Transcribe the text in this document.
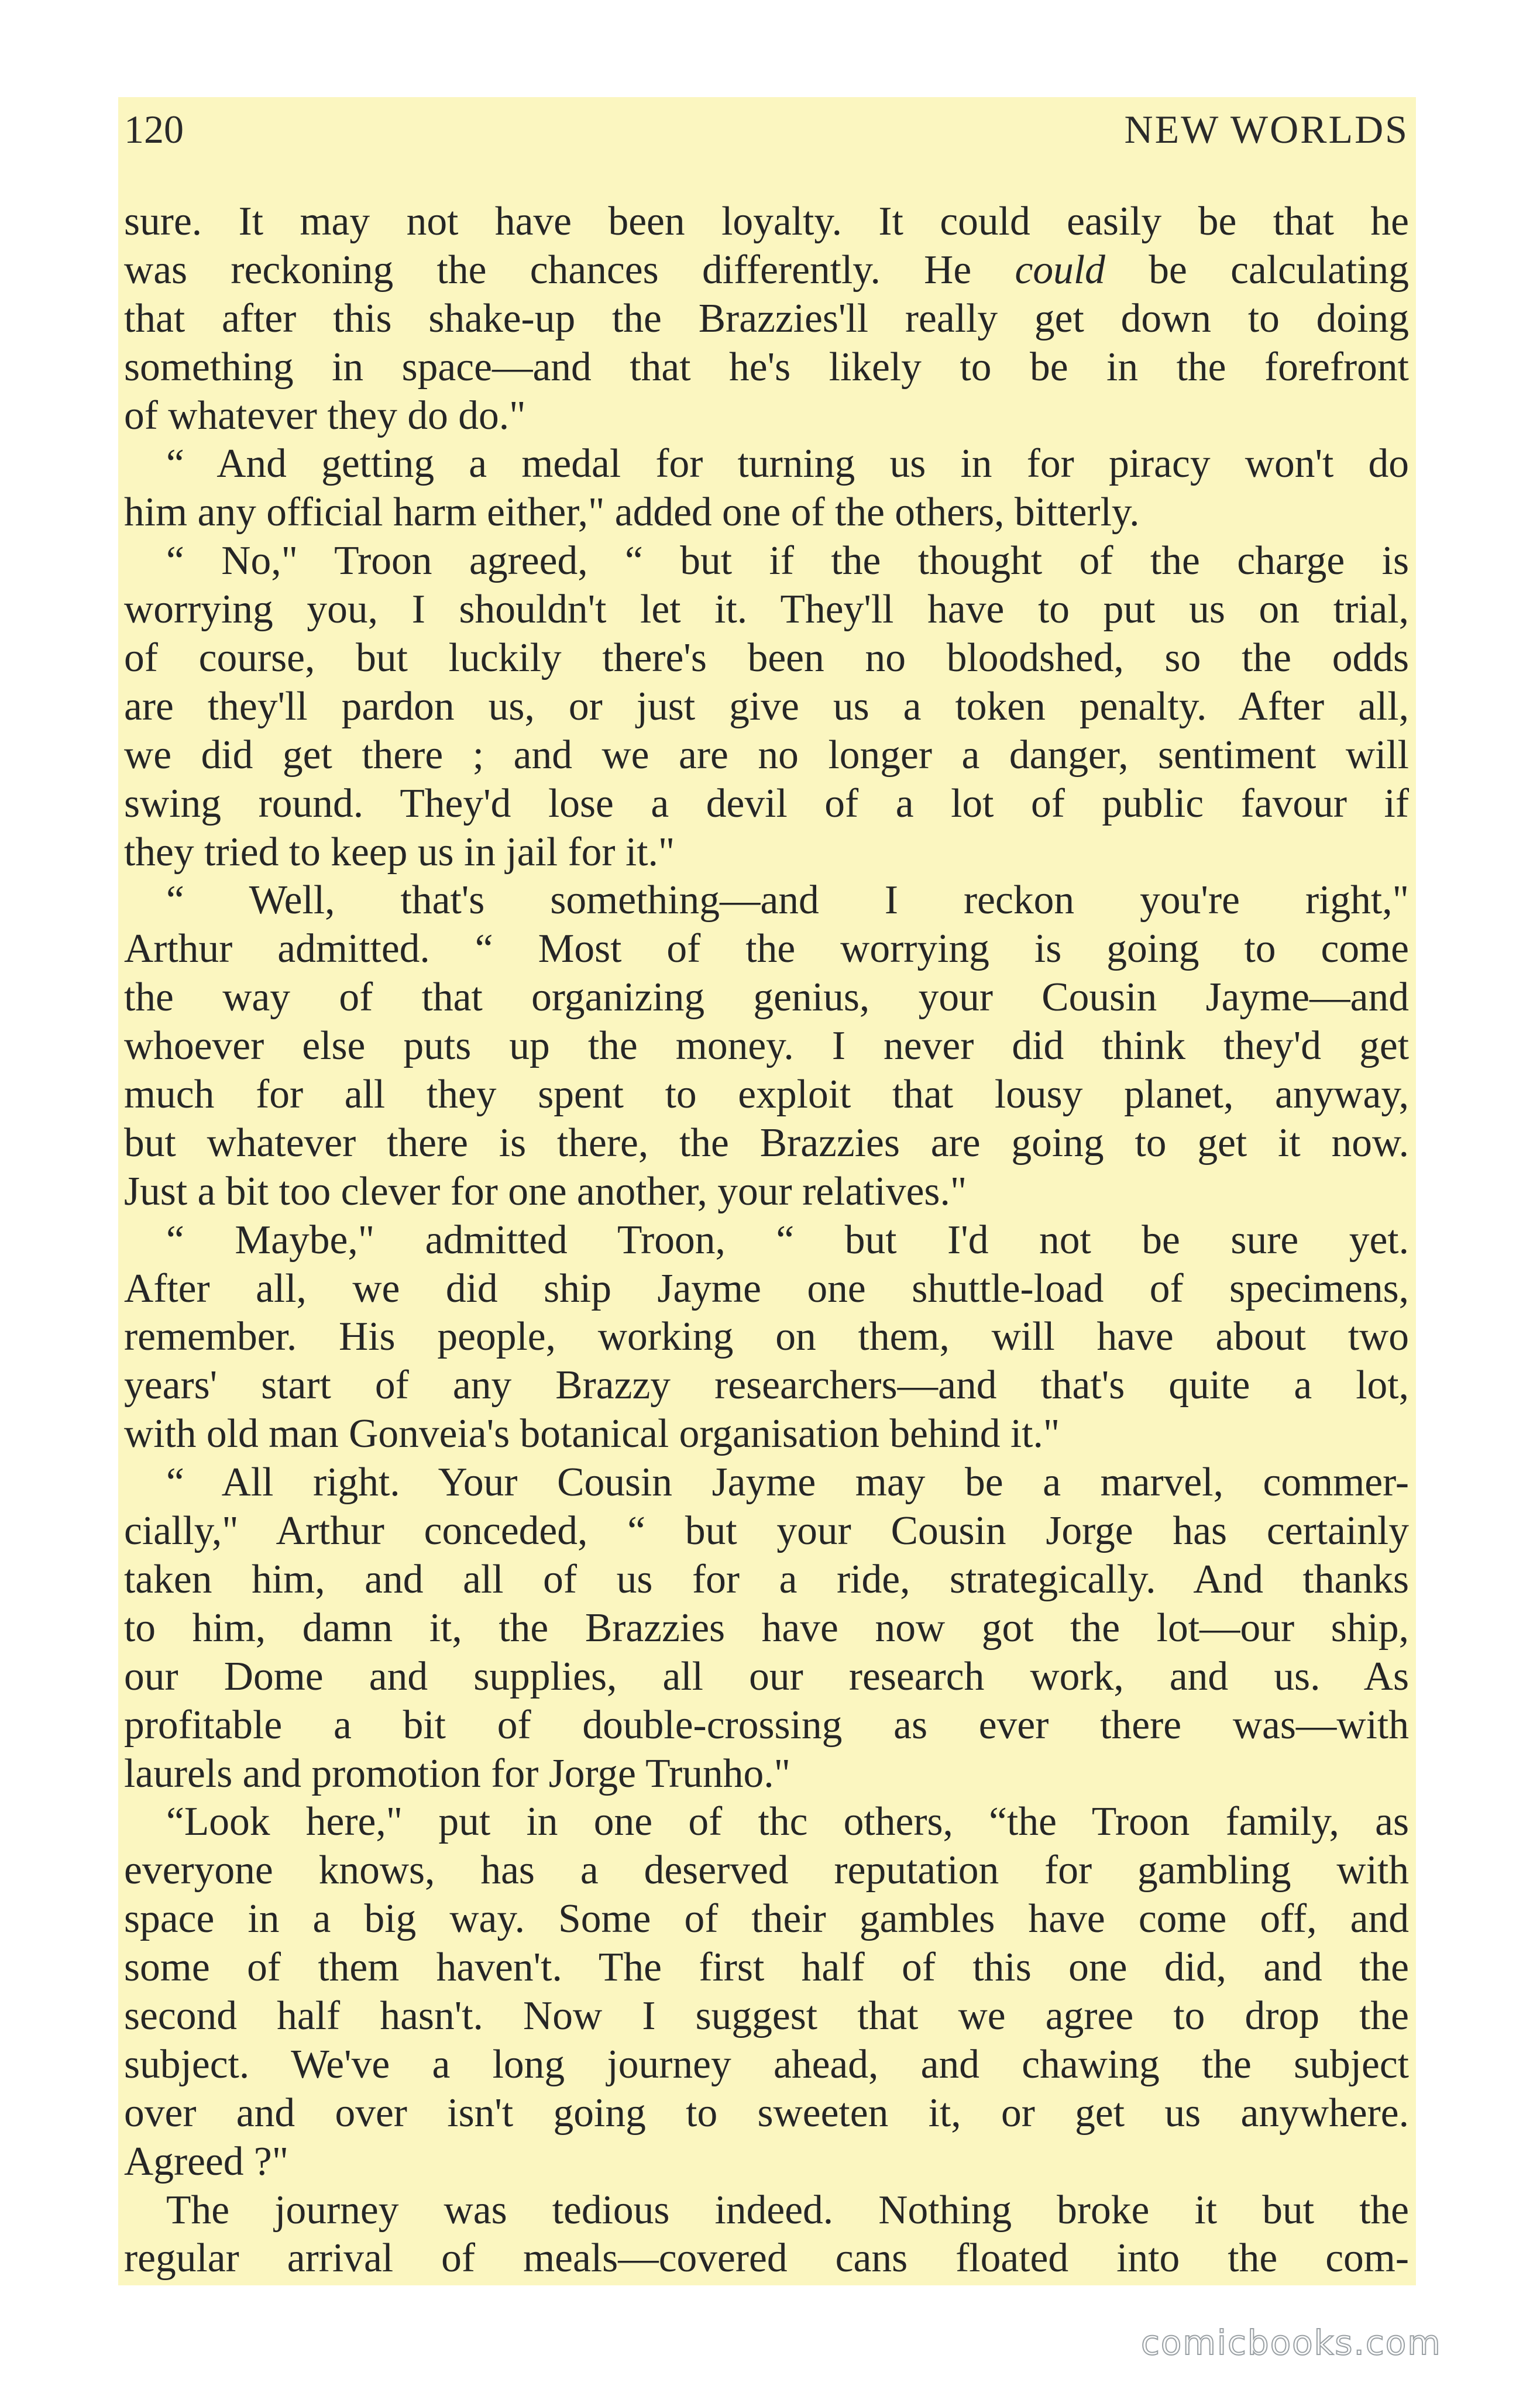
120	NEW WORLDS
sure. It may not have been loyalty. It could easily be that he
was reckoning the chances differently. He could be calculating
that after this shake-up the Brazzies'll really get down to doing
something in space—and that he's likely to be in the forefront
of whatever they do do."
“ And getting a medal for turning us in for piracy won't do
him any official harm either," added one of the others, bitterly.
“ No," Troon agreed, “ but if the thought of the charge is
worrying you, I shouldn't let it. They'll have to put us on trial,
of course, but luckily there's been no bloodshed, so the odds
are they'll pardon us, or just give us a token penalty. After all,
we did get there ; and we are no longer a danger, sentiment will
swing round. They'd lose a devil of a lot of public favour if
they tried to keep us in jail for it."
“ Well, that's something—and I reckon you're right,"
Arthur admitted. “ Most of the worrying is going to come
the way of that organizing genius, your Cousin Jayme—and
whoever else puts up the money. I never did think they'd get
much for all they spent to exploit that lousy planet, anyway,
but whatever there is there, the Brazzies are going to get it now.
Just a bit too clever for one another, your relatives."
“ Maybe," admitted Troon, “ but I'd not be sure yet.
After all, we did ship Jayme one shuttle-load of specimens,
remember. His people, working on them, will have about two
years' start of any Brazzy researchers—and that's quite a lot,
with old man Gonveia's botanical organisation behind it."
“ All right. Your Cousin Jayme may be a marvel, commer-
cially," Arthur conceded, “ but your Cousin Jorge has certainly
taken him, and all of us for a ride, strategically. And thanks
to him, damn it, the Brazzies have now got the lot—our ship,
our Dome and supplies, all our research work, and us. As
profitable a bit of double-crossing as ever there was—with
laurels and promotion for Jorge Trunho."
“Look here," put in one of thc others, “the Troon family, as
everyone knows, has a deserved reputation for gambling with
space in a big way. Some of their gambles have come off, and
some of them haven't. The first half of this one did, and the
second half hasn't. Now I suggest that we agree to drop the
subject. We've a long journey ahead, and chawing the subject
over and over isn't going to sweeten it, or get us anywhere.
Agreed ?"
The journey was tedious indeed. Nothing broke it but the
regular arrival of meals—covered cans floated into the com-
comicbooks.com
